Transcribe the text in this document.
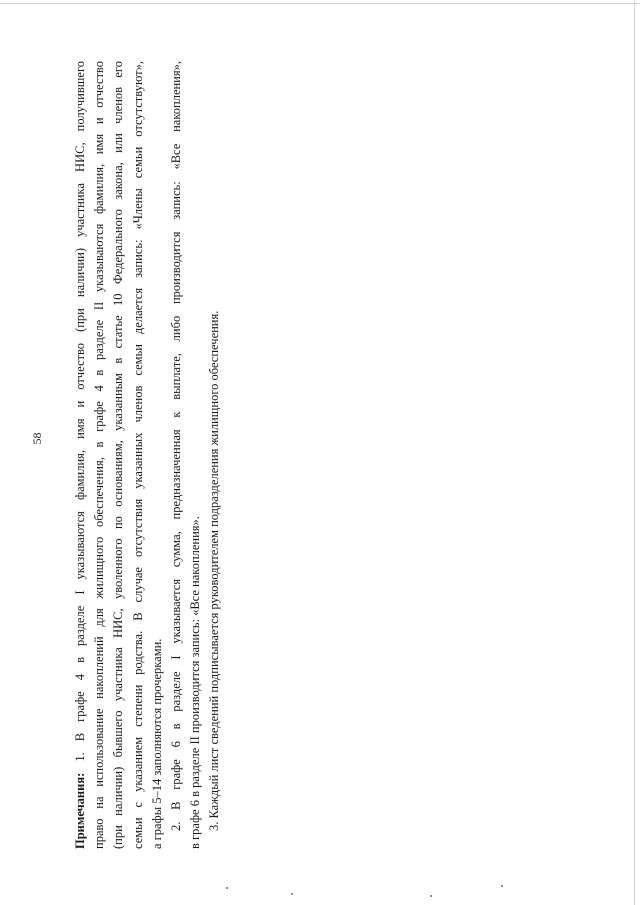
58

Примечания: 1. В графе 4 в разделе I указываются фамилия, имя и отчество (при наличии) участника НИС, получившего право на использование накоплений для жилищного обеспечения, в графе 4 в разделе II указываются фамилия, имя и отчество (при наличии) бывшего участника НИС, уволенного по основаниям, указанным в статье 10 Федерального закона, или членов его семьи с указанием степени родства. В случае отсутствия указанных членов семьи делается запись: «Члены семьи отсутствуют», а графы 5–14 заполняются прочерками. 2. В графе 6 в разделе I указывается сумма, предназначенная к выплате, либо производится запись: «Все накопления», в графе 6 в разделе II производится запись: «Все накопления». 3. Каждый лист сведений подписывается руководителем подразделения жилищного обеспечения.
